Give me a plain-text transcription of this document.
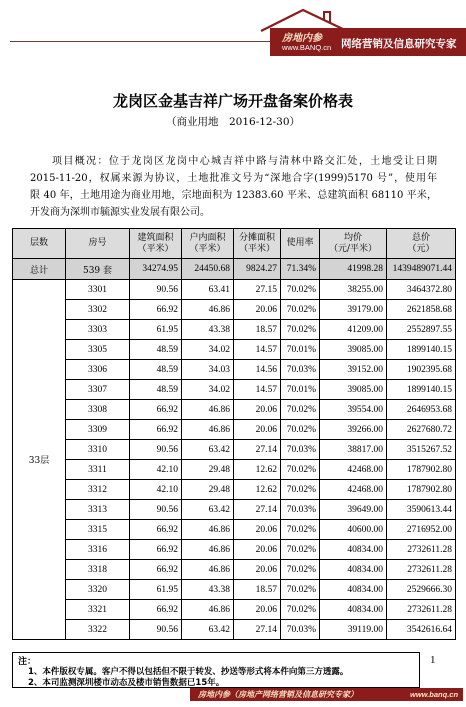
房地内参
www.BANQ.cn 网络营销及信息研究专家
龙岗区金基吉祥广场开盘备案价格表
（商业用地　2016-12-30）
项目概况：位于龙岗区龙岗中心城吉祥中路与清林中路交汇处，土地受让日期
2015-11-20，权属来源为协议，土地批准文号为“深地合字(1999)5170 号”，使用年
限 40 年，土地用途为商业用地，宗地面积为 12383.60 平米、总建筑面积 68110 平米，
开发商为深圳市毓源实业发展有限公司。
层数	房号	建筑面积
（平米）	户内面积
（平米）	分摊面积
（平米）	使用率	均价
（元/平米）	总价
（元）
总计	539 套	34274.95	24450.68	9824.27	71.34%	41998.28	1439489071.44
33层	3301	90.56	63.41	27.15	70.02%	38255.00	3464372.80
	3302	66.92	46.86	20.06	70.02%	39179.00	2621858.68
	3303	61.95	43.38	18.57	70.02%	41209.00	2552897.55
	3305	48.59	34.02	14.57	70.01%	39085.00	1899140.15
	3306	48.59	34.03	14.56	70.03%	39152.00	1902395.68
	3307	48.59	34.02	14.57	70.01%	39085.00	1899140.15
	3308	66.92	46.86	20.06	70.02%	39554.00	2646953.68
	3309	66.92	46.86	20.06	70.02%	39266.00	2627680.72
	3310	90.56	63.42	27.14	70.03%	38817.00	3515267.52
	3311	42.10	29.48	12.62	70.02%	42468.00	1787902.80
	3312	42.10	29.48	12.62	70.02%	42468.00	1787902.80
	3313	90.56	63.42	27.14	70.03%	39649.00	3590613.44
	3315	66.92	46.86	20.06	70.02%	40600.00	2716952.00
	3316	66.92	46.86	20.06	70.02%	40834.00	2732611.28
	3318	66.92	46.86	20.06	70.02%	40834.00	2732611.28
	3320	61.95	43.38	18.57	70.02%	40834.00	2529666.30
	3321	66.92	46.86	20.06	70.02%	40834.00	2732611.28
	3322	90.56	63.42	27.14	70.03%	39119.00	3542616.64
注：
1、本件版权专属。客户不得以包括但不限于转发、抄送等形式将本件向第三方透露。
2、本司监测深圳楼市动态及楼市销售数据已15年。
1
房地内参（房地产网络营销及信息研究专家）	www.banq.cn
